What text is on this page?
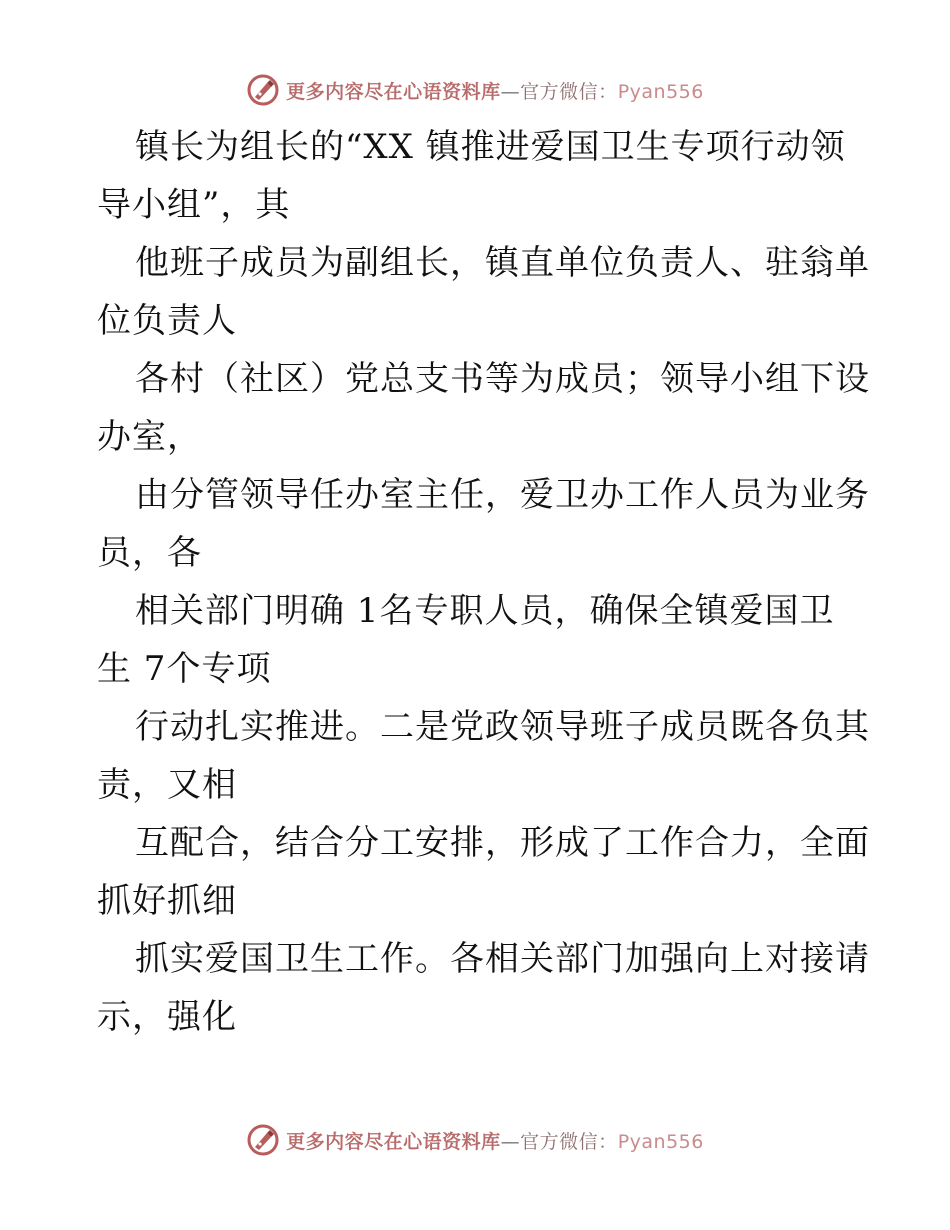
更多内容尽在心语资料库—官方微信：Pyan556
镇长为组长的“XX 镇推进爱国卫生专项行动领
导小组”，其
他班子成员为副组长，镇直单位负责人、驻翁单
位负责人
各村（社区）党总支书等为成员；领导小组下设
办室，
由分管领导任办室主任，爱卫办工作人员为业务
员，各
相关部门明确 1名专职人员，确保全镇爱国卫
生 7个专项
行动扎实推进。二是党政领导班子成员既各负其
责，又相
互配合，结合分工安排，形成了工作合力，全面
抓好抓细
抓实爱国卫生工作。各相关部门加强向上对接请
示，强化
更多内容尽在心语资料库—官方微信：Pyan556
